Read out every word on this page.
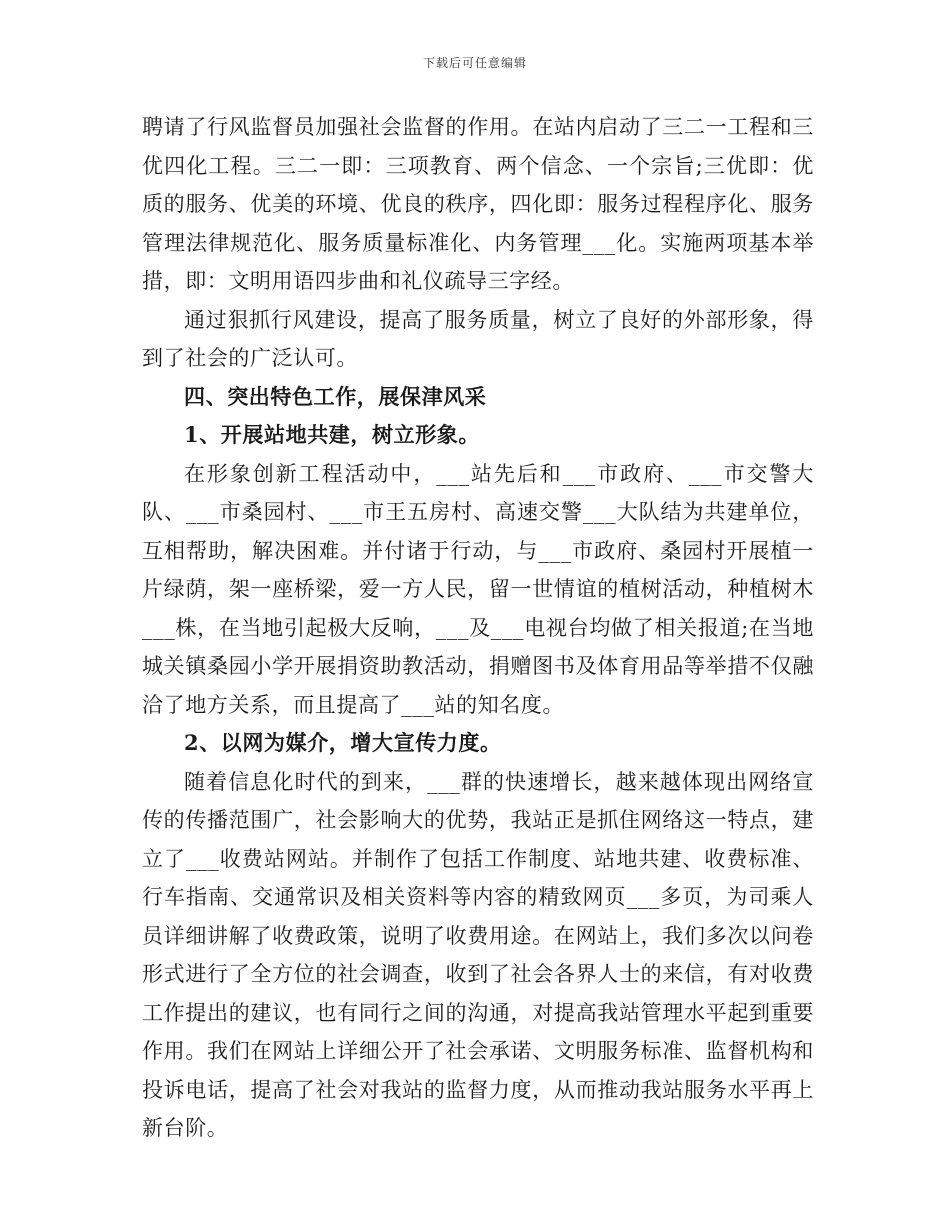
下载后可任意编辑

聘请了行风监督员加强社会监督的作用。在站内启动了三二一工程和三优四化工程。三二一即：三项教育、两个信念、一个宗旨;三优即：优质的服务、优美的环境、优良的秩序，四化即：服务过程程序化、服务管理法律规范化、服务质量标准化、内务管理___化。实施两项基本举措，即：文明用语四步曲和礼仪疏导三字经。

通过狠抓行风建设，提高了服务质量，树立了良好的外部形象，得到了社会的广泛认可。

四、突出特色工作，展保津风采

1、开展站地共建，树立形象。

在形象创新工程活动中，___站先后和___市政府、___市交警大队、___市桑园村、___市王五房村、高速交警___大队结为共建单位，互相帮助，解决困难。并付诸于行动，与___市政府、桑园村开展植一片绿荫，架一座桥梁，爱一方人民，留一世情谊的植树活动，种植树木___株，在当地引起极大反响，___及___电视台均做了相关报道;在当地城关镇桑园小学开展捐资助教活动，捐赠图书及体育用品等举措不仅融洽了地方关系，而且提高了___站的知名度。

2、以网为媒介，增大宣传力度。

随着信息化时代的到来，___群的快速增长，越来越体现出网络宣传的传播范围广，社会影响大的优势，我站正是抓住网络这一特点，建立了___收费站网站。并制作了包括工作制度、站地共建、收费标准、行车指南、交通常识及相关资料等内容的精致网页___多页，为司乘人员详细讲解了收费政策，说明了收费用途。在网站上，我们多次以问卷形式进行了全方位的社会调查，收到了社会各界人士的来信，有对收费工作提出的建议，也有同行之间的沟通，对提高我站管理水平起到重要作用。我们在网站上详细公开了社会承诺、文明服务标准、监督机构和投诉电话，提高了社会对我站的监督力度，从而推动我站服务水平再上新台阶。
